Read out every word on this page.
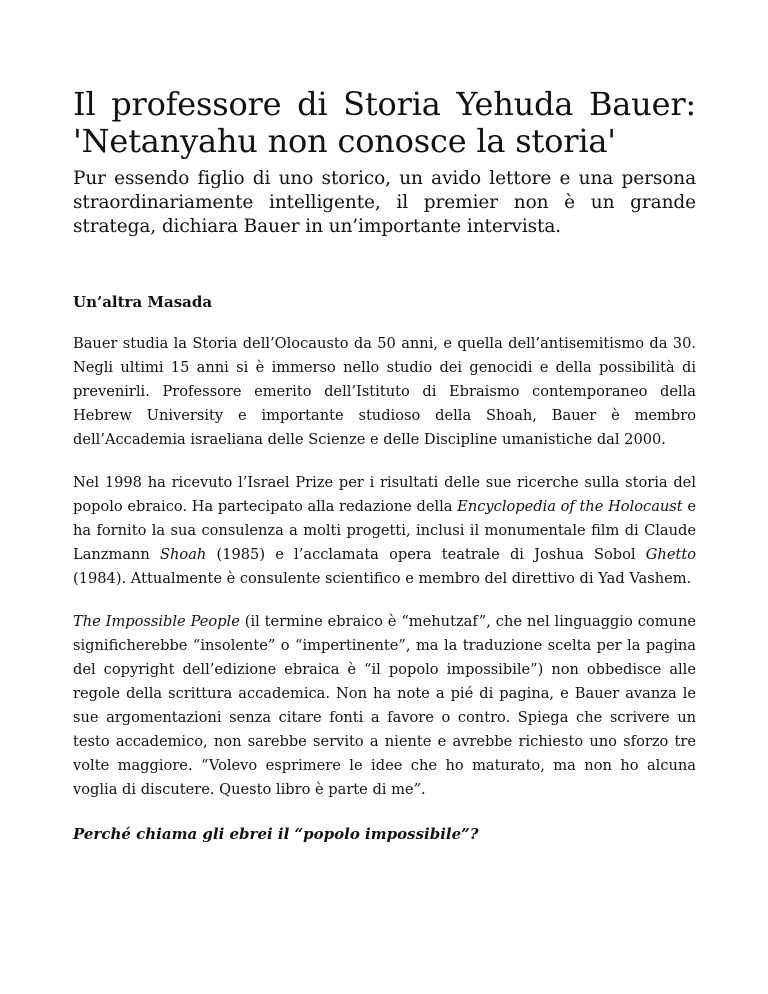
Il professore di Storia Yehuda Bauer: 'Netanyahu non conosce la storia'

Pur essendo figlio di uno storico, un avido lettore e una persona straordinariamente intelligente, il premier non è un grande stratega, dichiara Bauer in un’importante intervista.

Un’altra Masada

Bauer studia la Storia dell’Olocausto da 50 anni, e quella dell’antisemitismo da 30. Negli ultimi 15 anni si è immerso nello studio dei genocidi e della possibilità di prevenirli. Professore emerito dell’Istituto di Ebraismo contemporaneo della Hebrew University e importante studioso della Shoah, Bauer è membro dell’Accademia israeliana delle Scienze e delle Discipline umanistiche dal 2000.

Nel 1998 ha ricevuto l’Israel Prize per i risultati delle sue ricerche sulla storia del popolo ebraico. Ha partecipato alla redazione della Encyclopedia of the Holocaust e ha fornito la sua consulenza a molti progetti, inclusi il monumentale film di Claude Lanzmann Shoah (1985) e l’acclamata opera teatrale di Joshua Sobol Ghetto (1984). Attualmente è consulente scientifico e membro del direttivo di Yad Vashem.

The Impossible People (il termine ebraico è “mehutzaf”, che nel linguaggio comune significherebbe “insolente” o “impertinente”, ma la traduzione scelta per la pagina del copyright dell’edizione ebraica è “il popolo impossibile”) non obbedisce alle regole della scrittura accademica. Non ha note a pié di pagina, e Bauer avanza le sue argomentazioni senza citare fonti a favore o contro. Spiega che scrivere un testo accademico, non sarebbe servito a niente e avrebbe richiesto uno sforzo tre volte maggiore. “Volevo esprimere le idee che ho maturato, ma non ho alcuna voglia di discutere. Questo libro è parte di me”.

Perché chiama gli ebrei il “popolo impossibile”?
